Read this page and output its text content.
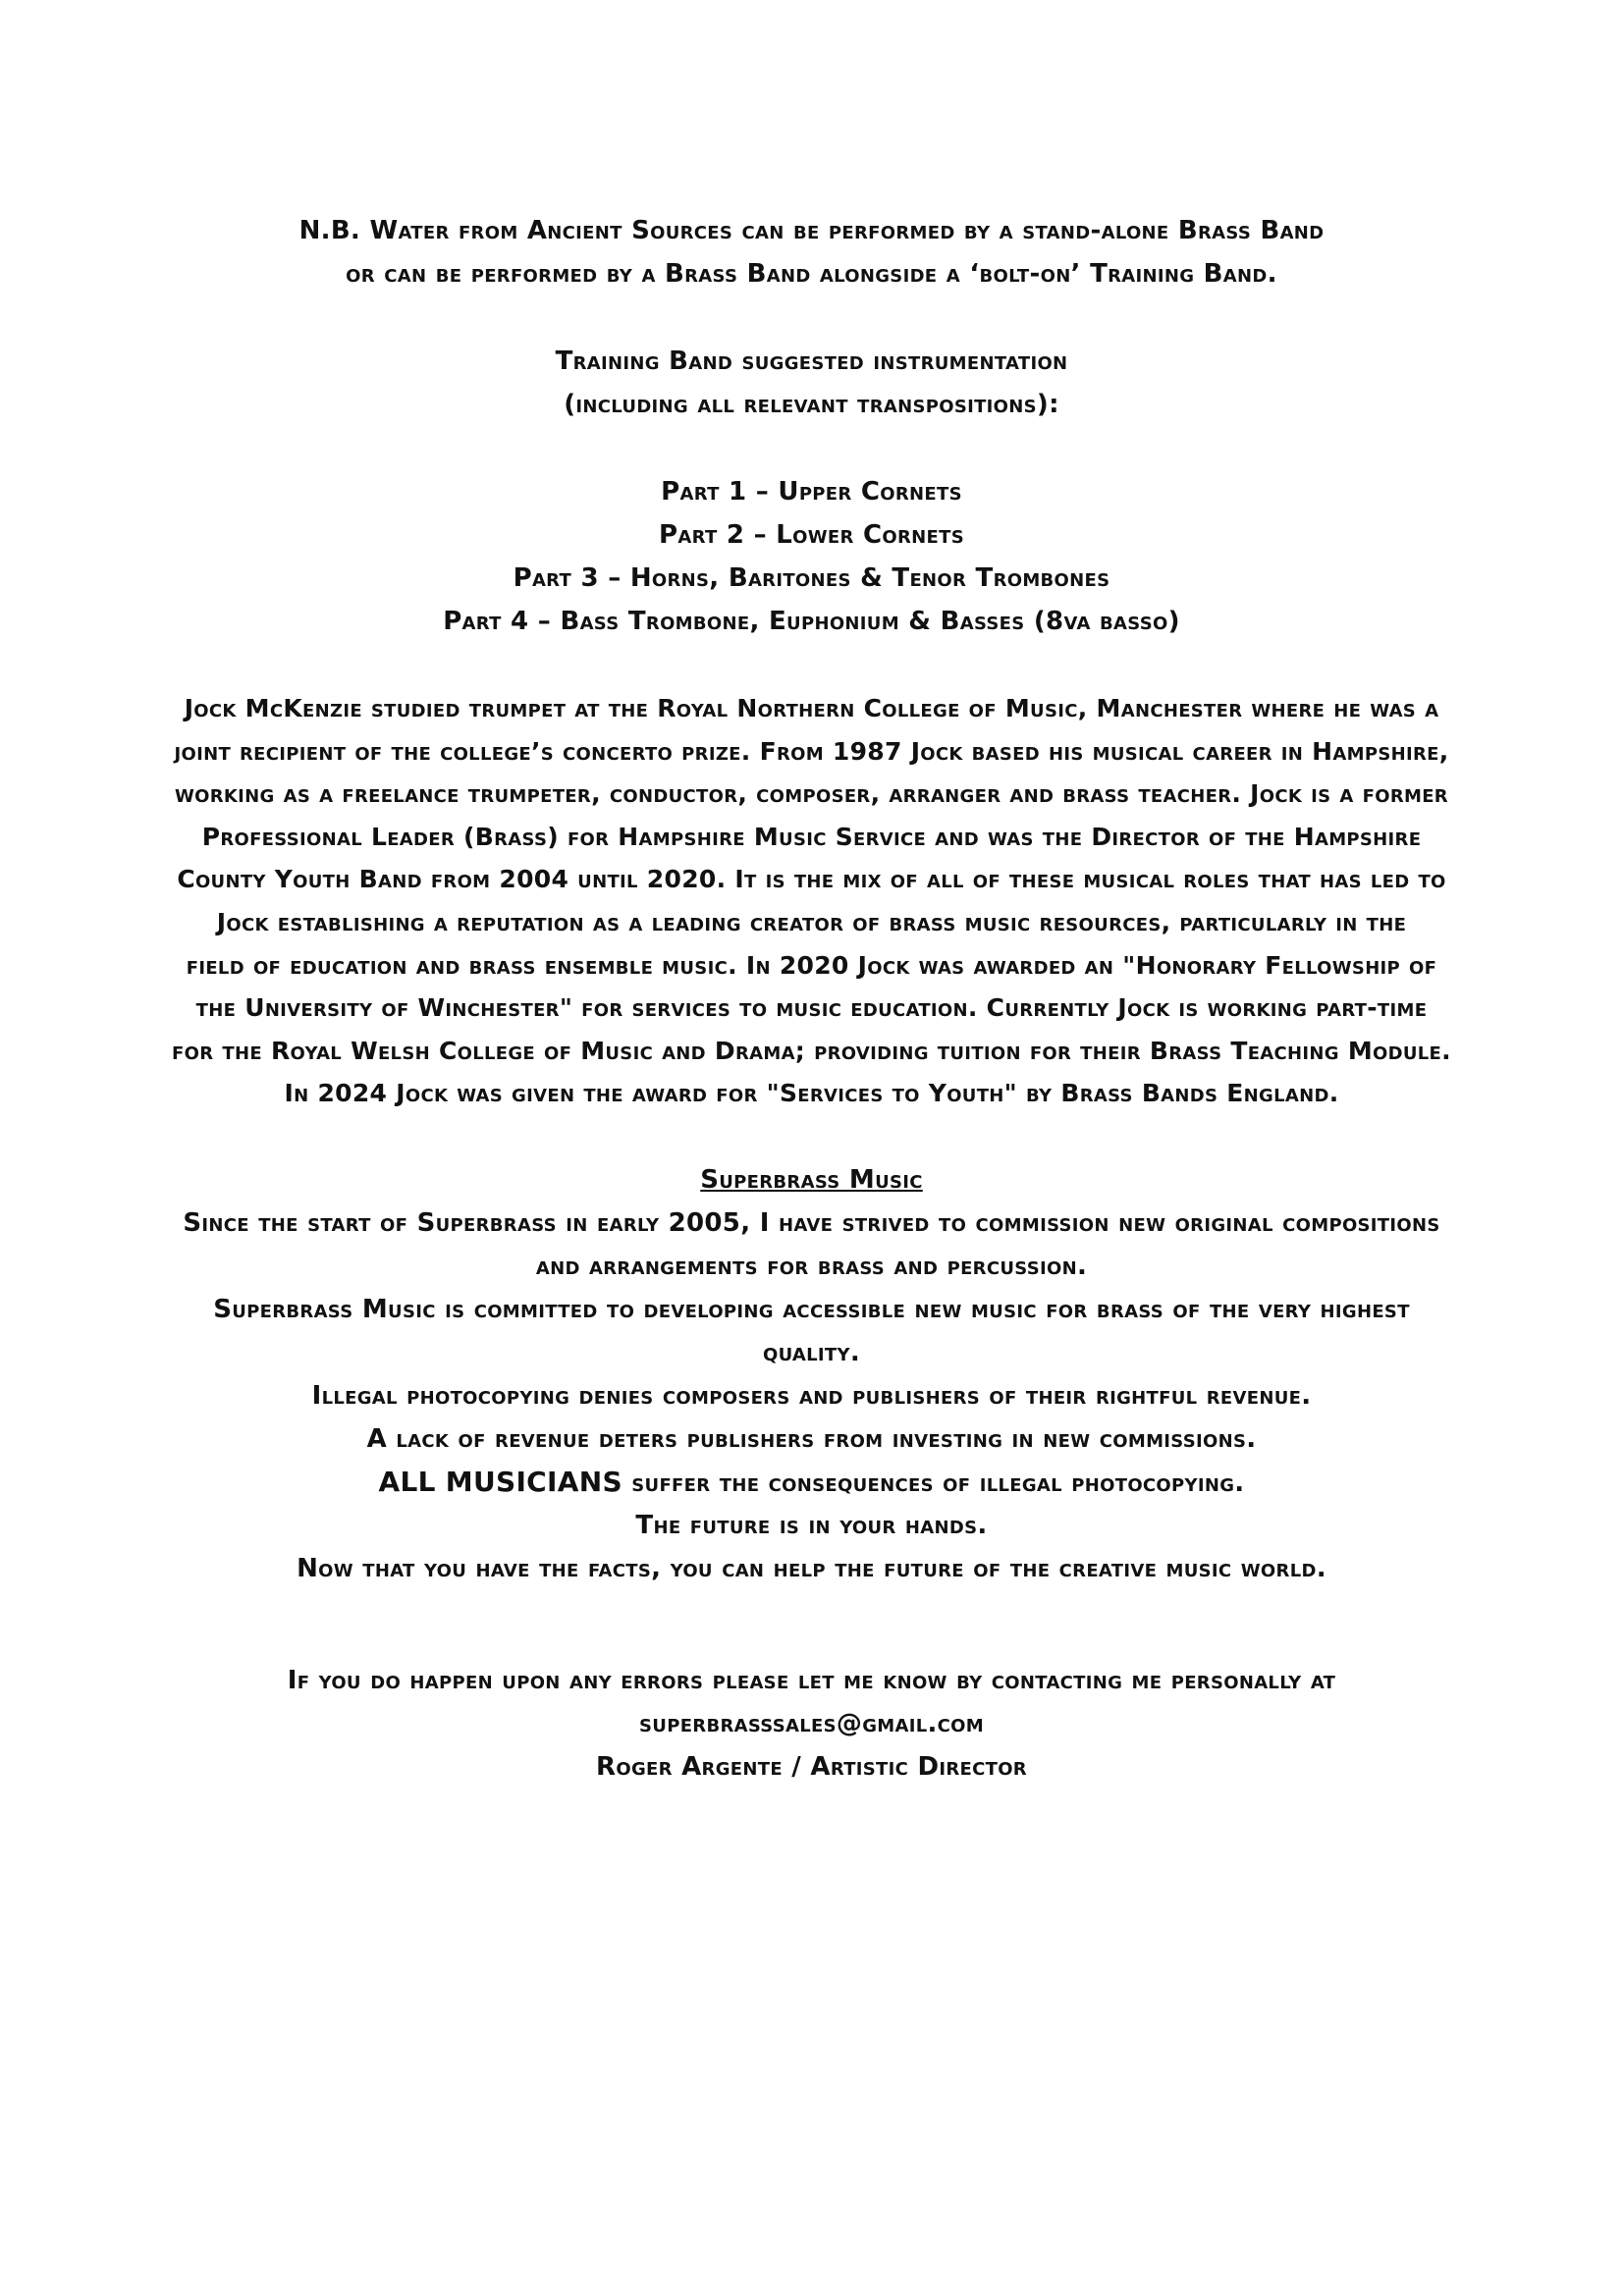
N.B. Water from Ancient Sources can be performed by a stand-alone Brass Band
or can be performed by a Brass Band alongside a ‘bolt-on’ Training Band.
Training Band suggested instrumentation
(including all relevant transpositions):
Part 1 – Upper Cornets
Part 2 – Lower Cornets
Part 3 – Horns, Baritones & Tenor Trombones
Part 4 – Bass Trombone, Euphonium & Basses (8va basso)
Jock McKenzie studied trumpet at the Royal Northern College of Music, Manchester where he was a
joint recipient of the college’s concerto prize. From 1987 Jock based his musical career in Hampshire,
working as a freelance trumpeter, conductor, composer, arranger and brass teacher. Jock is a former
Professional Leader (Brass) for Hampshire Music Service and was the Director of the Hampshire
County Youth Band from 2004 until 2020. It is the mix of all of these musical roles that has led to
Jock establishing a reputation as a leading creator of brass music resources, particularly in the
field of education and brass ensemble music. In 2020 Jock was awarded an "Honorary Fellowship of
the University of Winchester" for services to music education. Currently Jock is working part-time
for the Royal Welsh College of Music and Drama; providing tuition for their Brass Teaching Module.
In 2024 Jock was given the award for "Services to Youth" by Brass Bands England.
Superbrass Music
Since the start of Superbrass in early 2005, I have strived to commission new original compositions
and arrangements for brass and percussion.
Superbrass Music is committed to developing accessible new music for brass of the very highest
quality.
Illegal photocopying denies composers and publishers of their rightful revenue.
A lack of revenue deters publishers from investing in new commissions.
ALL MUSICIANS suffer the consequences of illegal photocopying.
The future is in your hands.
Now that you have the facts, you can help the future of the creative music world.
If you do happen upon any errors please let me know by contacting me personally at
superbrasssales@gmail.com
Roger Argente / Artistic Director
